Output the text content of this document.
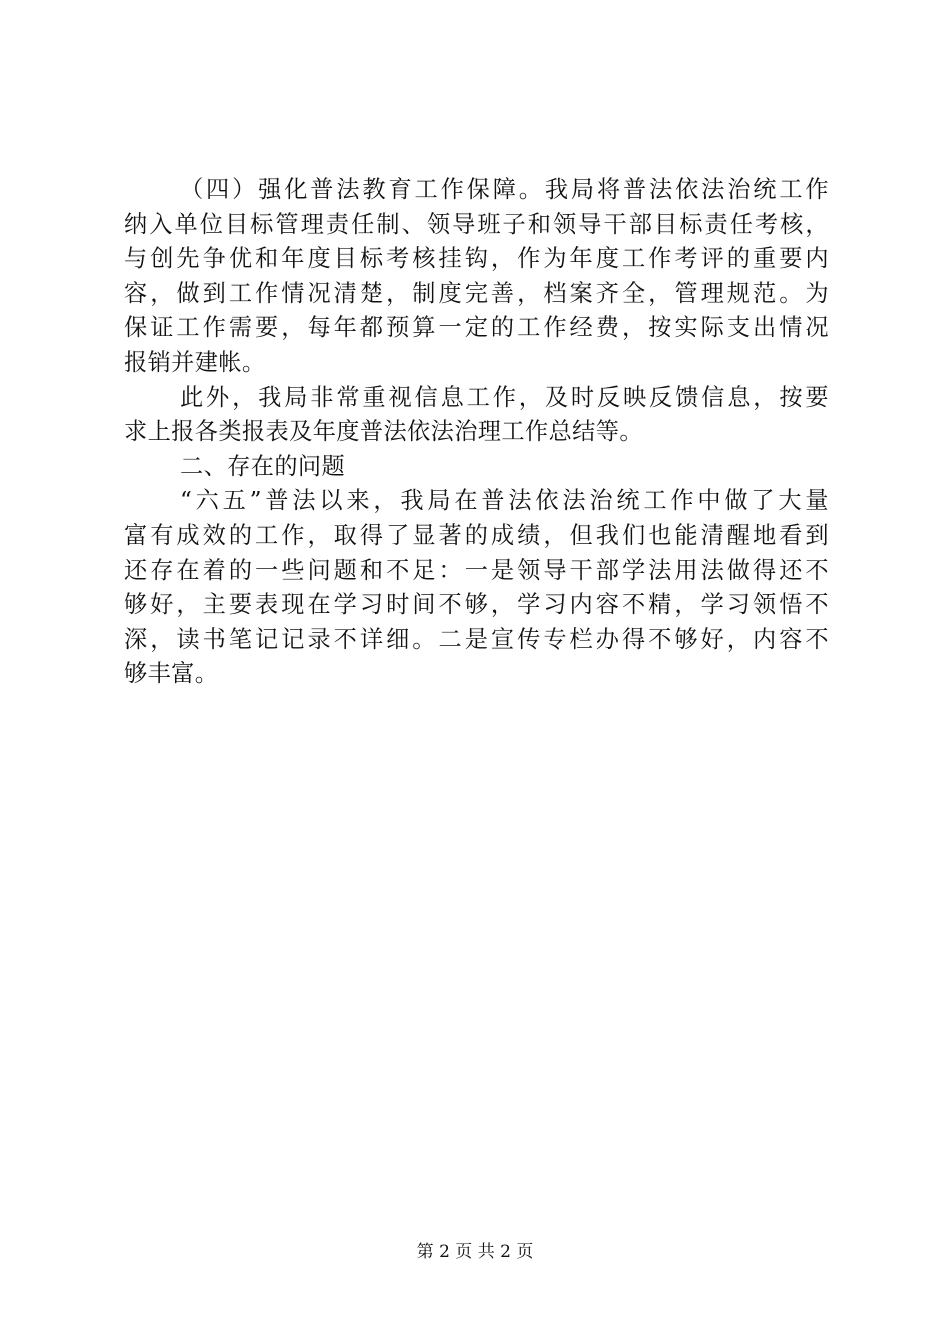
（四）强化普法教育工作保障。我局将普法依法治统工作
纳入单位目标管理责任制、领导班子和领导干部目标责任考核，
与创先争优和年度目标考核挂钩，作为年度工作考评的重要内
容，做到工作情况清楚，制度完善，档案齐全，管理规范。为
保证工作需要，每年都预算一定的工作经费，按实际支出情况
报销并建帐。
此外，我局非常重视信息工作，及时反映反馈信息，按要
求上报各类报表及年度普法依法治理工作总结等。
二、存在的问题
“六五”普法以来，我局在普法依法治统工作中做了大量
富有成效的工作，取得了显著的成绩，但我们也能清醒地看到
还存在着的一些问题和不足：一是领导干部学法用法做得还不
够好，主要表现在学习时间不够，学习内容不精，学习领悟不
深，读书笔记记录不详细。二是宣传专栏办得不够好，内容不
够丰富。
第 2 页 共 2 页
